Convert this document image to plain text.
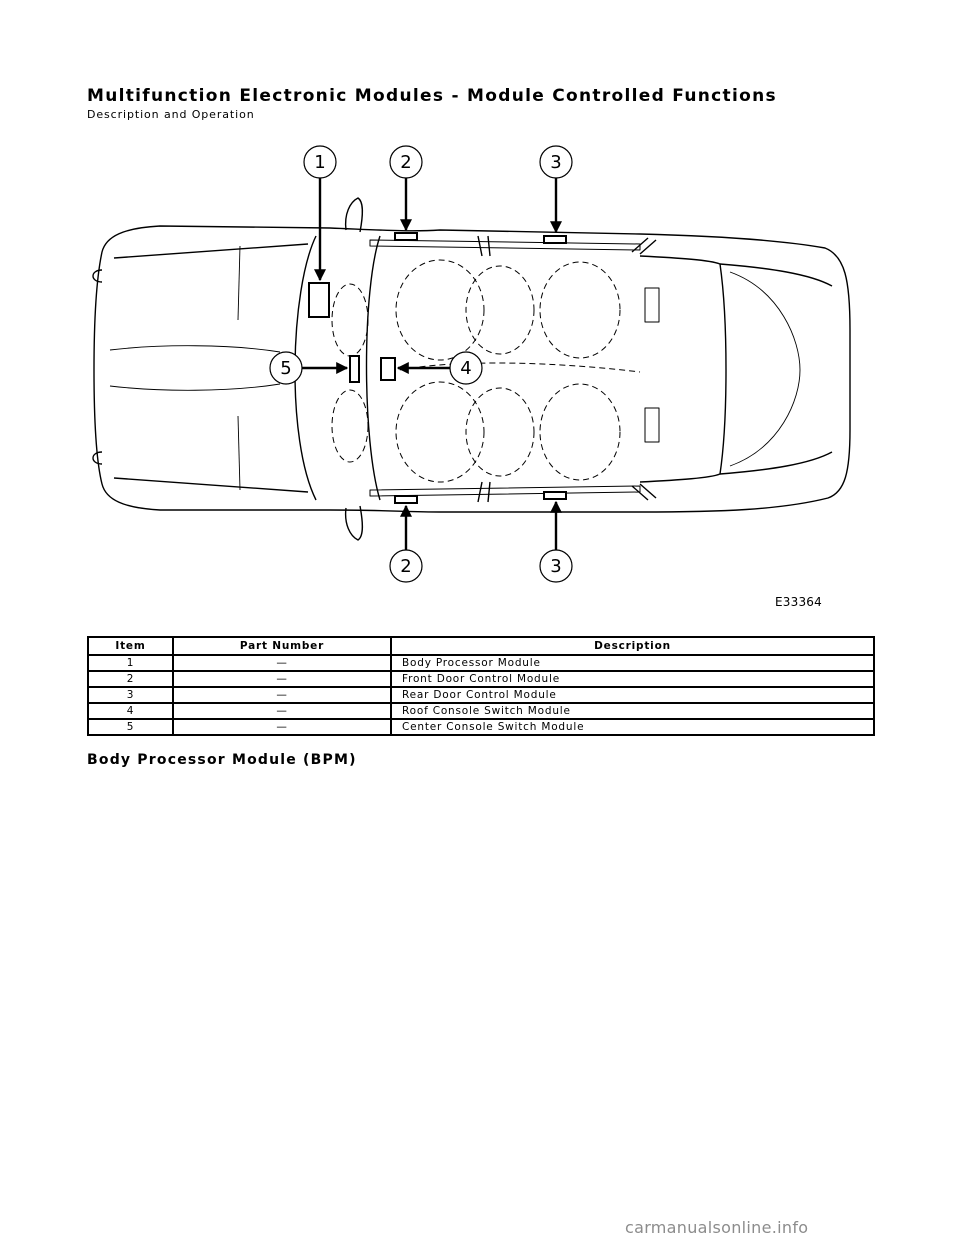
Multifunction Electronic Modules - Module Controlled Functions

Description and Operation

1	2	3
4
5
2	3
E33364
Item	Part Number	Description
1	—	Body Processor Module
2	—	Front Door Control Module
3	—	Rear Door Control Module
4	—	Roof Console Switch Module
5	—	Center Console Switch Module
Body Processor Module (BPM)
carmanualsonline.info
